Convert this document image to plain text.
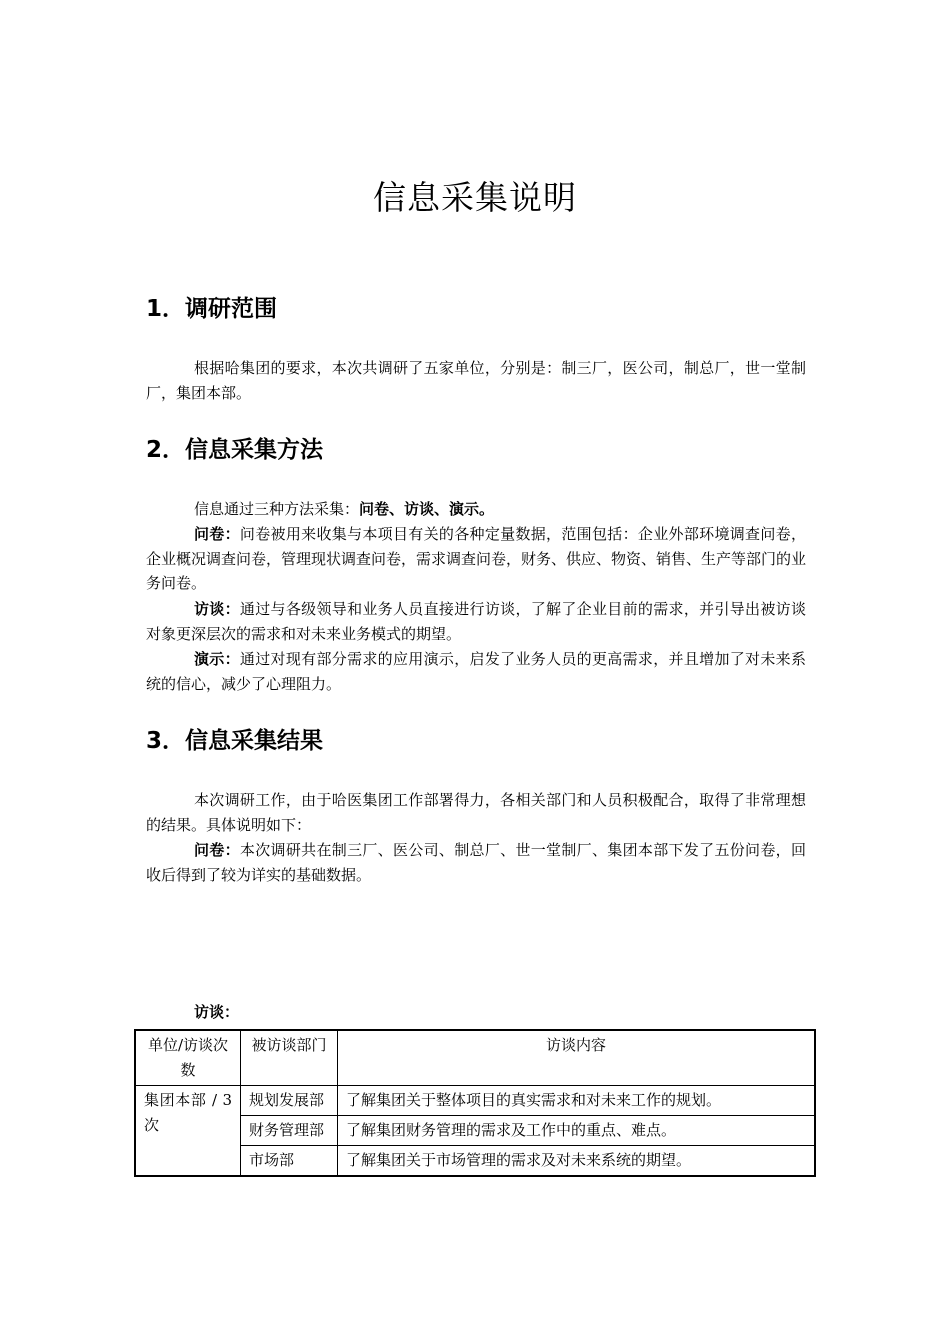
信息采集说明
1．调研范围
根据哈集团的要求，本次共调研了五家单位，分别是：制三厂，医公司，制总厂，世一堂制厂，集团本部。
2．信息采集方法
信息通过三种方法采集：问卷、访谈、演示。
问卷：问卷被用来收集与本项目有关的各种定量数据，范围包括：企业外部环境调查问卷，企业概况调查问卷，管理现状调查问卷，需求调查问卷，财务、供应、物资、销售、生产等部门的业务问卷。
访谈：通过与各级领导和业务人员直接进行访谈，了解了企业目前的需求，并引导出被访谈对象更深层次的需求和对未来业务模式的期望。
演示：通过对现有部分需求的应用演示，启发了业务人员的更高需求，并且增加了对未来系统的信心，减少了心理阻力。
3．信息采集结果
本次调研工作，由于哈医集团工作部署得力，各相关部门和人员积极配合，取得了非常理想的结果。具体说明如下：
问卷：本次调研共在制三厂、医公司、制总厂、世一堂制厂、集团本部下发了五份问卷，回收后得到了较为详实的基础数据。
访谈：
单位/访谈次数	被访谈部门	访谈内容
集团本部 / 3次	规划发展部	了解集团关于整体项目的真实需求和对未来工作的规划。
	财务管理部	了解集团财务管理的需求及工作中的重点、难点。
	市场部	了解集团关于市场管理的需求及对未来系统的期望。
